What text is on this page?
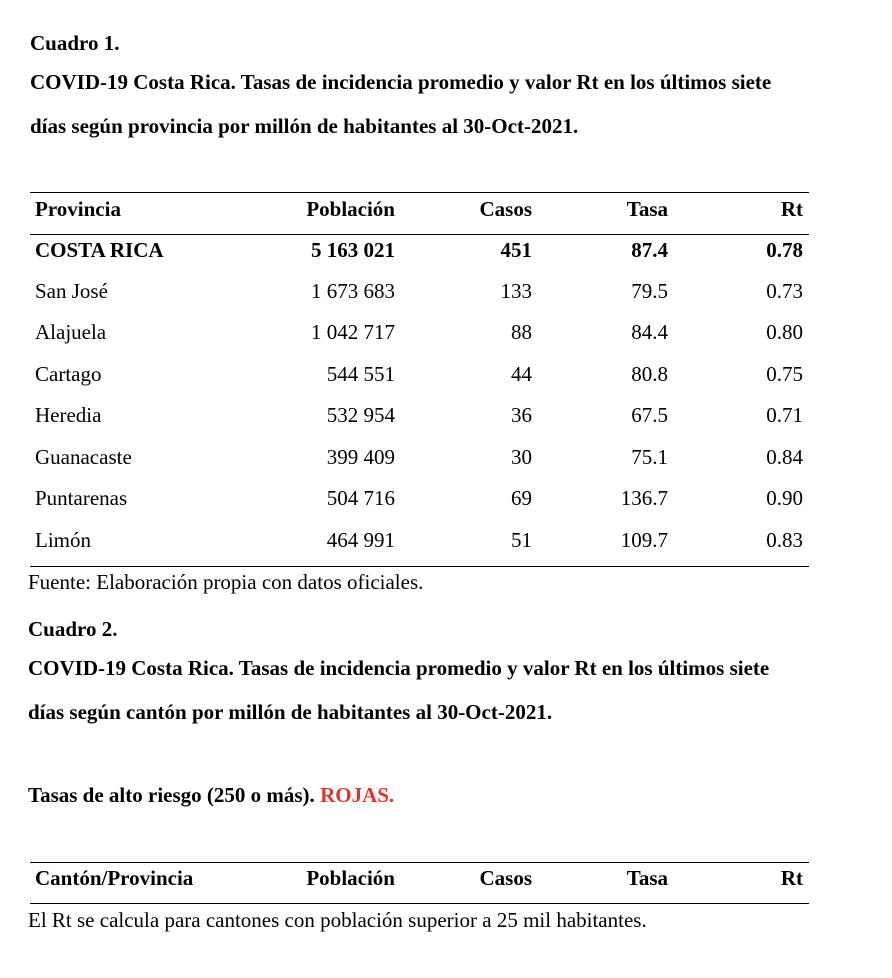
Cuadro 1.
COVID-19 Costa Rica. Tasas de incidencia promedio y valor Rt en los últimos siete
días según provincia por millón de habitantes al 30-Oct-2021.
Provincia	Población	Casos	Tasa	Rt
COSTA RICA	5 163 021	451	87.4	0.78
San José	1 673 683	133	79.5	0.73
Alajuela	1 042 717	88	84.4	0.80
Cartago	544 551	44	80.8	0.75
Heredia	532 954	36	67.5	0.71
Guanacaste	399 409	30	75.1	0.84
Puntarenas	504 716	69	136.7	0.90
Limón	464 991	51	109.7	0.83
Fuente: Elaboración propia con datos oficiales.
Cuadro 2.
COVID-19 Costa Rica. Tasas de incidencia promedio y valor Rt en los últimos siete
días según cantón por millón de habitantes al 30-Oct-2021.
Tasas de alto riesgo (250 o más). ROJAS.
Cantón/Provincia	Población	Casos	Tasa	Rt
El Rt se calcula para cantones con población superior a 25 mil habitantes.
